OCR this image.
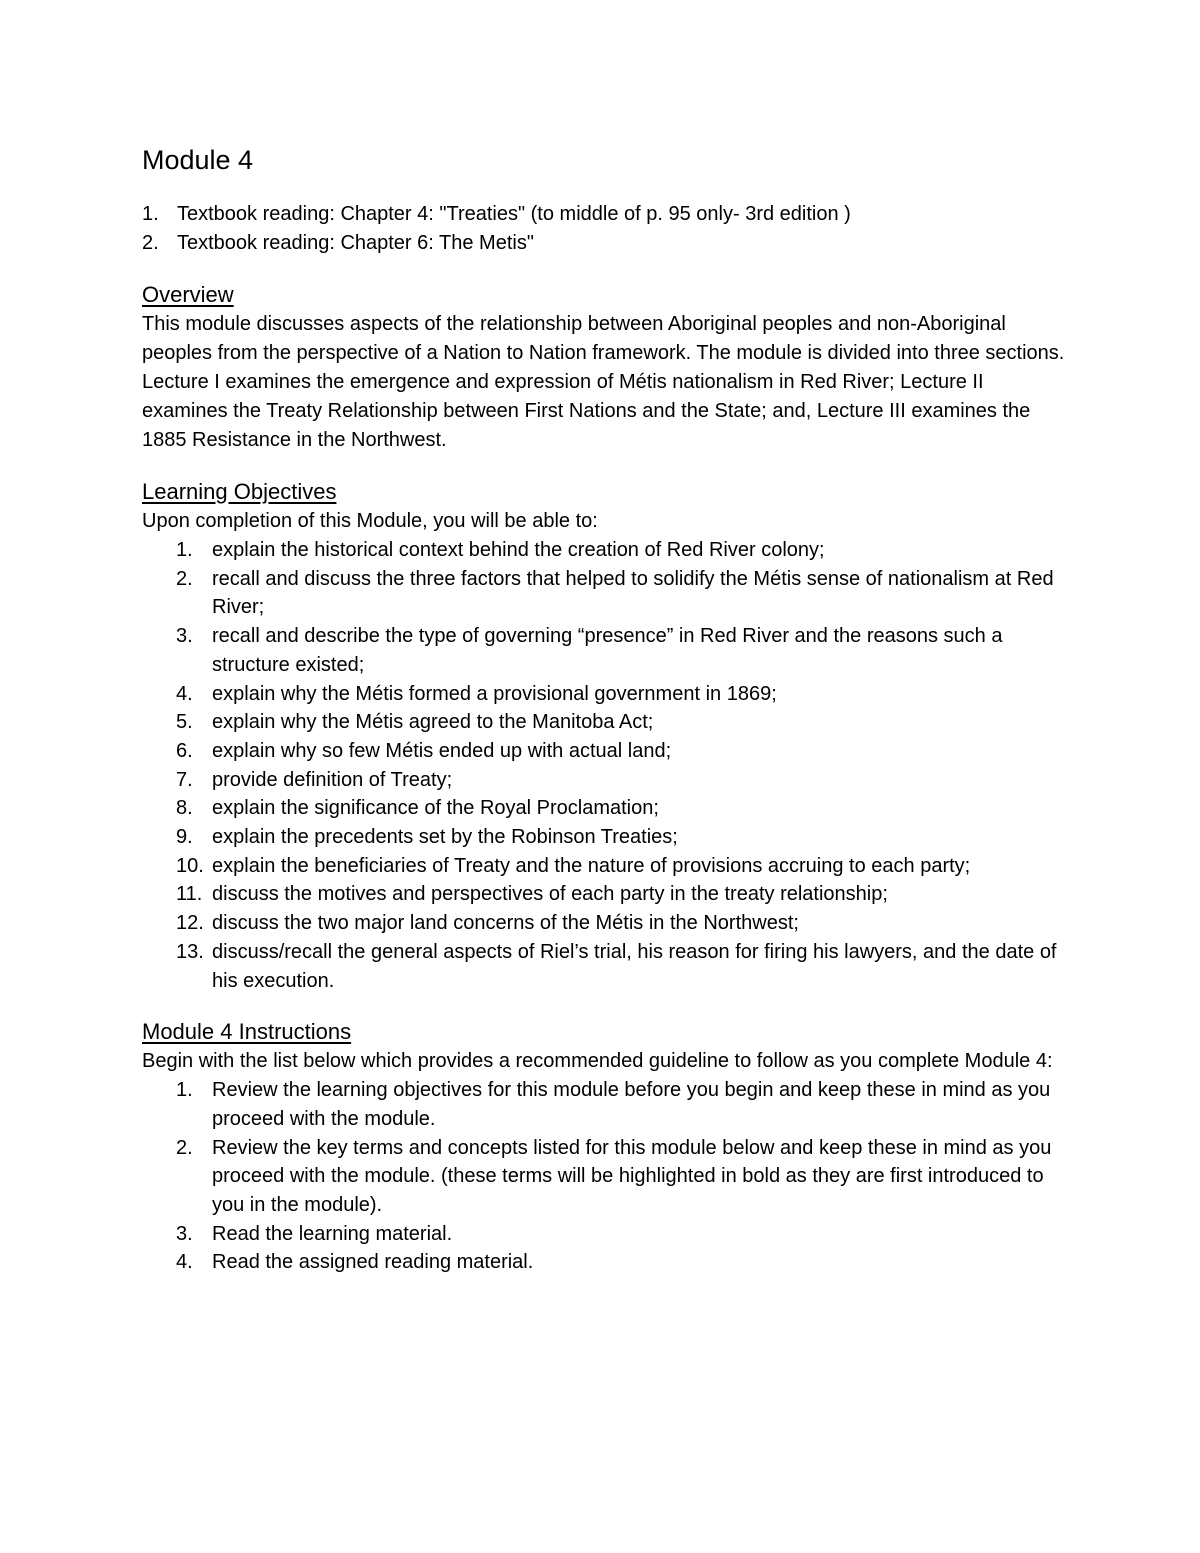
Module 4
1. Textbook reading: Chapter 4: "Treaties" (to middle of p. 95 only- 3rd edition )
2. Textbook reading: Chapter 6: The Metis"
Overview

This module discusses aspects of the relationship between Aboriginal peoples and non-Aboriginal peoples from the perspective of a Nation to Nation framework. The module is divided into three sections. Lecture I examines the emergence and expression of Métis nationalism in Red River; Lecture II examines the Treaty Relationship between First Nations and the State; and, Lecture III examines the 1885 Resistance in the Northwest.

Learning Objectives

Upon completion of this Module, you will be able to:

1. explain the historical context behind the creation of Red River colony;
2. recall and discuss the three factors that helped to solidify the Métis sense of nationalism at Red River;
3. recall and describe the type of governing “presence” in Red River and the reasons such a structure existed;
4. explain why the Métis formed a provisional government in 1869;
5. explain why the Métis agreed to the Manitoba Act;
6. explain why so few Métis ended up with actual land;
7. provide definition of Treaty;
8. explain the significance of the Royal Proclamation;
9. explain the precedents set by the Robinson Treaties;
10. explain the beneficiaries of Treaty and the nature of provisions accruing to each party;
11. discuss the motives and perspectives of each party in the treaty relationship;
12. discuss the two major land concerns of the Métis in the Northwest;
13. discuss/recall the general aspects of Riel’s trial, his reason for firing his lawyers, and the date of his execution.
Module 4 Instructions

Begin with the list below which provides a recommended guideline to follow as you complete Module 4:

1. Review the learning objectives for this module before you begin and keep these in mind as you proceed with the module.
2. Review the key terms and concepts listed for this module below and keep these in mind as you proceed with the module. (these terms will be highlighted in bold as they are first introduced to you in the module).
3. Read the learning material.
4. Read the assigned reading material.
